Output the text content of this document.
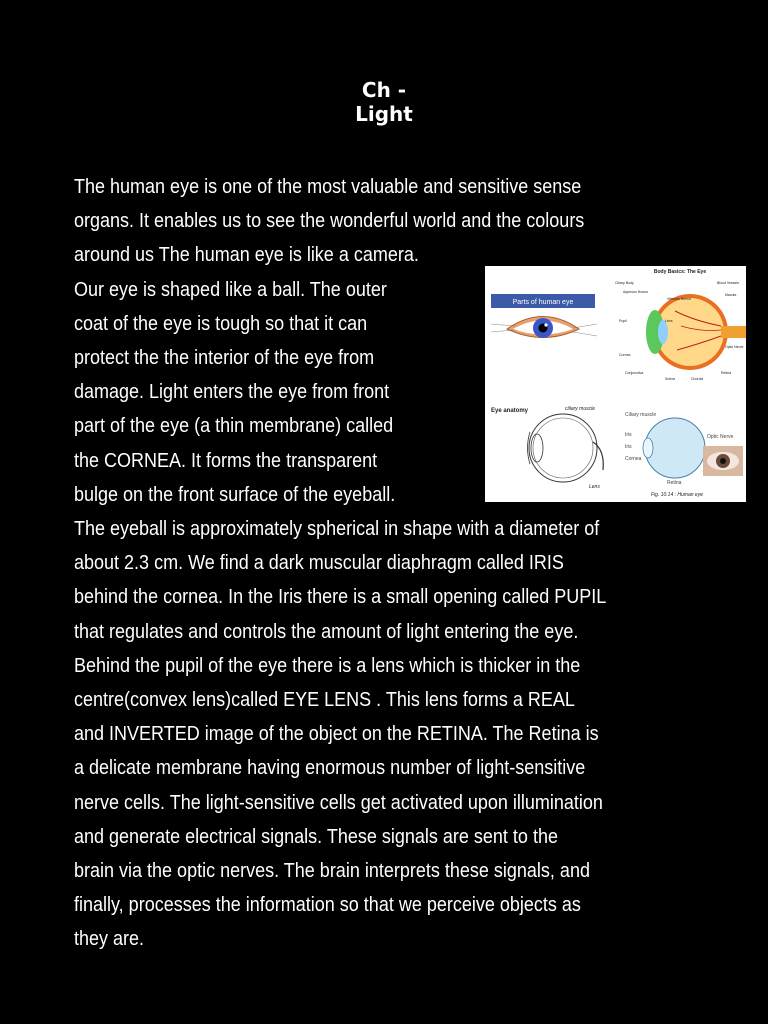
Ch -
Light
The human eye is one of the most valuable and sensitive sense
organs. It enables us to see the wonderful world and the colours
around us The human eye is like a camera.
Our eye is shaped like a ball. The outer
coat of the eye is tough so that it can
protect the the interior of the eye from
damage. Light enters the eye from front
part of the eye (a thin membrane) called
the CORNEA. It forms the transparent
bulge on the front surface of the eyeball.
The eyeball is approximately spherical in shape with a diameter of
about 2.3 cm. We find a dark muscular diaphragm called IRIS
behind the cornea. In the Iris there is a small opening called PUPIL
that regulates and controls the amount of light entering the eye.
Behind the pupil of the eye there is a lens which is thicker in the
centre(convex lens)called EYE LENS . This lens forms a REAL
and INVERTED image of the object on the RETINA. The Retina is
a delicate membrane having enormous number of light-sensitive
nerve cells. The light-sensitive cells get activated upon illumination
and generate electrical signals. These signals are sent to the
brain via the optic nerves. The brain interprets these signals, and
finally, processes the information so that we perceive objects as
they are.
Parts of human eye
Body Basics: The Eye
Ciliary Body	Blood Vessels
Aqueous Humor
Vitreous Humor
Macula
Pupil	Lens
Cornea
Optic Nerve
Retina
Conjunctiva
Sclera	Choroid
Eye anatomy	ciliary muscle
Lens
Ciliary muscle
Iris
Iris
Cornea
Retina
Optic Nerve
Fig. 10.14 : Human eye
